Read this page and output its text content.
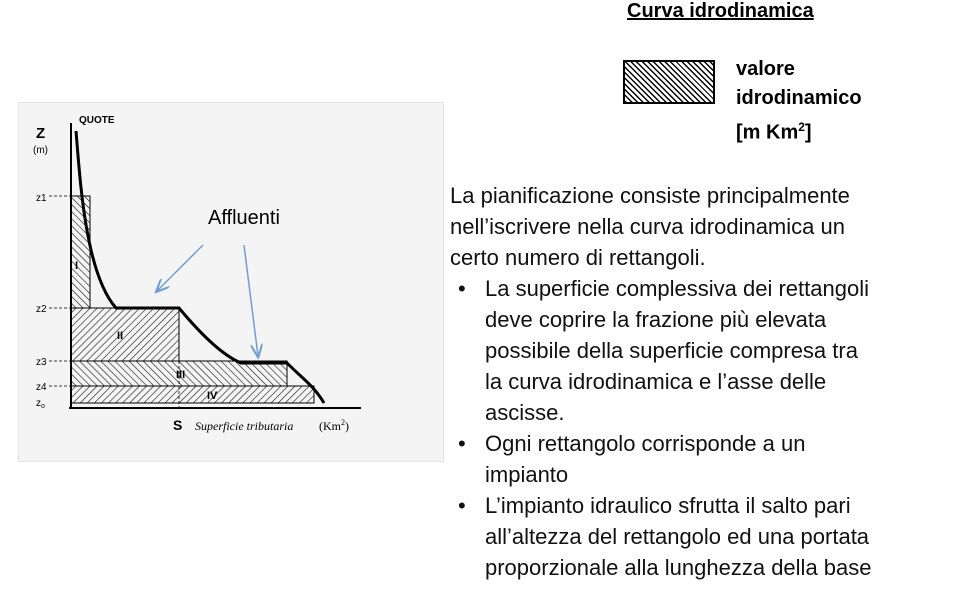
Curva idrodinamica
valore
idrodinamico
[m Km$^2$]
Z
(m)
QUOTE
z1
z2
z3
z4
$z_o$
I
II
III
IV
S Superficie tributaria (Km$^2$)
Affluenti

La pianificazione consiste principalmente
nell’iscrivere nella curva idrodinamica un
certo numero di rettangoli.

• La superficie complessiva dei rettangoli
deve coprire la frazione più elevata
possibile della superficie compresa tra
la curva idrodinamica e l’asse delle
ascisse.
• Ogni rettangolo corrisponde a un
impianto
• L’impianto idraulico sfrutta il salto pari
all’altezza del rettangolo ed una portata
proporzionale alla lunghezza della base
